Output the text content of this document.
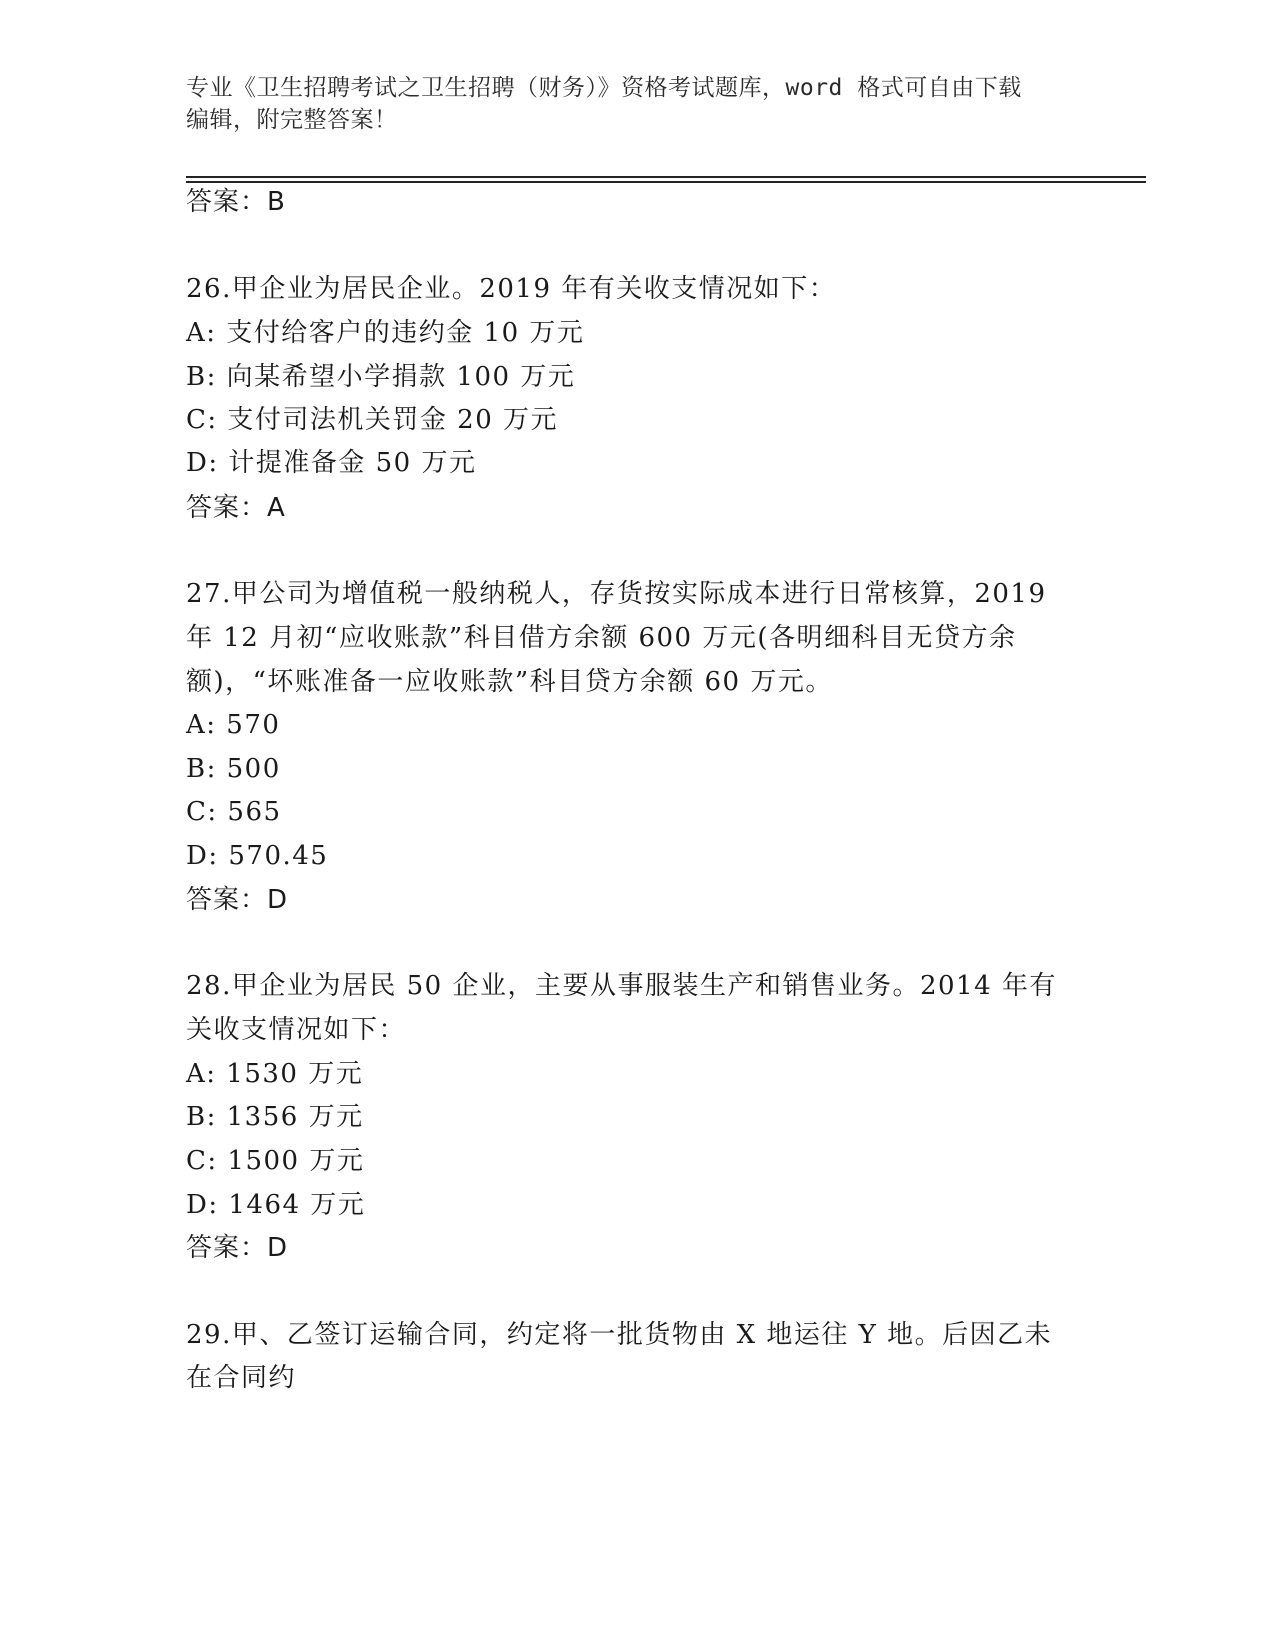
专业《卫生招聘考试之卫生招聘（财务）》资格考试题库，word 格式可自由下载
编辑，附完整答案！
答案：B
26.甲企业为居民企业。2019 年有关收支情况如下：
A: 支付给客户的违约金 10 万元
B: 向某希望小学捐款 100 万元
C: 支付司法机关罚金 20 万元
D: 计提准备金 50 万元
答案：A
27.甲公司为增值税一般纳税人，存货按实际成本进行日常核算，2019
年 12 月初“应收账款”科目借方余额 600 万元(各明细科目无贷方余
额)，“坏账准备一应收账款”科目贷方余额 60 万元。
A: 570
B: 500
C: 565
D: 570.45
答案：D
28.甲企业为居民 50 企业，主要从事服装生产和销售业务。2014 年有
关收支情况如下：
A: 1530 万元
B: 1356 万元
C: 1500 万元
D: 1464 万元
答案：D
29.甲、乙签订运输合同，约定将一批货物由 X 地运往 Y 地。后因乙未
在合同约
